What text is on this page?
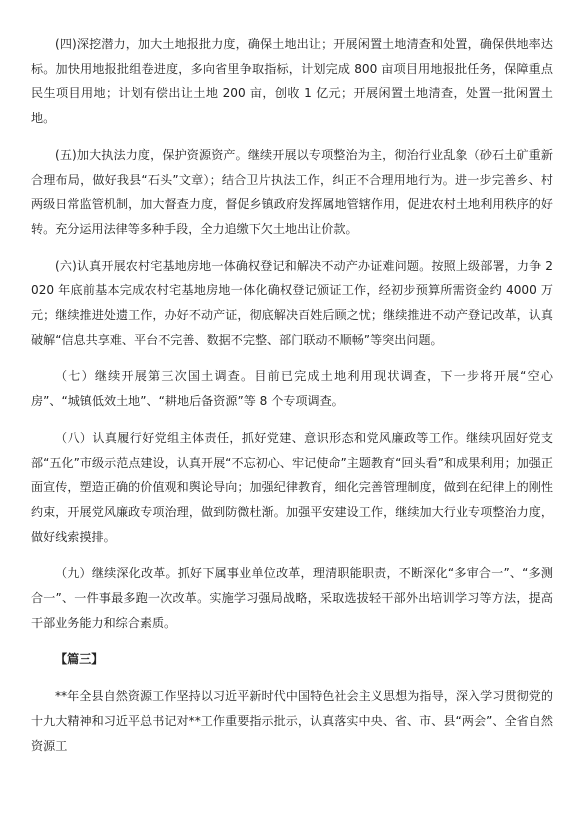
(四)深挖潜力，加大土地报批力度，确保土地出让；开展闲置土地清查和处置，确保供地率达标。加快用地报批组卷进度，多向省里争取指标，计划完成 800 亩项目用地报批任务，保障重点民生项目用地；计划有偿出让土地 200 亩，创收 1 亿元；开展闲置土地清查，处置一批闲置土地。

(五)加大执法力度，保护资源资产。继续开展以专项整治为主，彻治行业乱象（砂石土矿重新合理布局，做好我县“石头”文章）；结合卫片执法工作，纠正不合理用地行为。进一步完善乡、村两级日常监管机制，加大督查力度，督促乡镇政府发挥属地管辖作用，促进农村土地利用秩序的好转。充分运用法律等多种手段，全力追缴下欠土地出让价款。

(六)认真开展农村宅基地房地一体确权登记和解决不动产办证难问题。按照上级部署，力争 2020 年底前基本完成农村宅基地房地一体化确权登记颁证工作，经初步预算所需资金约 4000 万元；继续推进处遗工作，办好不动产证，彻底解决百姓后顾之忧；继续推进不动产登记改革，认真破解“信息共享难、平台不完善、数据不完整、部门联动不顺畅”等突出问题。

（七）继续开展第三次国土调查。目前已完成土地利用现状调查，下一步将开展“空心房”、“城镇低效土地”、“耕地后备资源”等 8 个专项调查。

（八）认真履行好党组主体责任，抓好党建、意识形态和党风廉政等工作。继续巩固好党支部“五化”市级示范点建设，认真开展“不忘初心、牢记使命”主题教育“回头看”和成果利用；加强正面宣传，塑造正确的价值观和舆论导向；加强纪律教育，细化完善管理制度，做到在纪律上的刚性约束，开展党风廉政专项治理，做到防微杜渐。加强平安建设工作，继续加大行业专项整治力度，做好线索摸排。

（九）继续深化改革。抓好下属事业单位改革，理清职能职责，不断深化“多审合一”、“多测合一”、一件事最多跑一次改革。实施学习强局战略，采取选拔轻干部外出培训学习等方法，提高干部业务能力和综合素质。

【篇三】

**年全县自然资源工作坚持以习近平新时代中国特色社会主义思想为指导，深入学习贯彻党的十九大精神和习近平总书记对**工作重要指示批示，认真落实中央、省、市、县“两会”、全省自然资源工
